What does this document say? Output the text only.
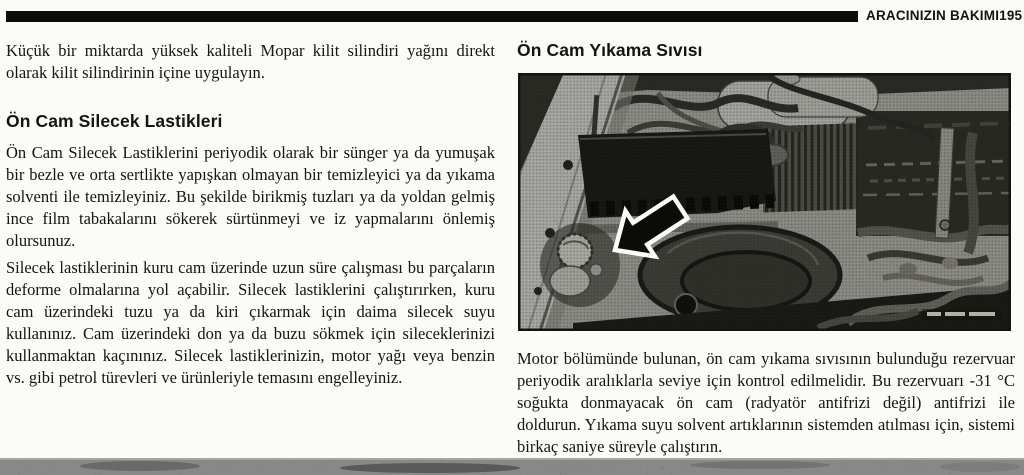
ARACINIZIN BAKIMI 195

Küçük bir miktarda yüksek kaliteli Mopar kilit silindiri yağını direkt olarak kilit silindirinin içine uygulayın.

Ön Cam Silecek Lastikleri

Ön Cam Silecek Lastiklerini periyodik olarak bir sünger ya da yumuşak bir bezle ve orta sertlikte yapışkan olmayan bir temizleyici ya da yıkama solventi ile temizleyiniz. Bu şekilde birikmiş tuzları ya da yoldan gelmiş ince film tabakalarını sökerek sürtünmeyi ve iz yapmalarını önlemiş olursunuz.

Silecek lastiklerinin kuru cam üzerinde uzun süre çalışması bu parçaların deforme olmalarına yol açabilir. Silecek lastiklerini çalıştırırken, kuru cam üzerindeki tuzu ya da kiri çıkarmak için daima silecek suyu kullanınız. Cam üzerindeki don ya da buzu sökmek için sileceklerinizi kullanmaktan kaçınınız. Silecek lastiklerinizin, motor yağı veya benzin vs. gibi petrol türevleri ve ürünleriyle temasını engelleyiniz.

Ön Cam Yıkama Sıvısı

Motor bölümünde bulunan, ön cam yıkama sıvısının bulunduğu rezervuar periyodik aralıklarla seviye için kontrol edilmelidir. Bu rezervuarı -31 °C soğukta donmayacak ön cam (radyatör antifrizi değil) antifrizi ile doldurun. Yıkama suyu solvent artıklarının sistemden atılması için, sistemi birkaç saniye süreyle çalıştırın.
